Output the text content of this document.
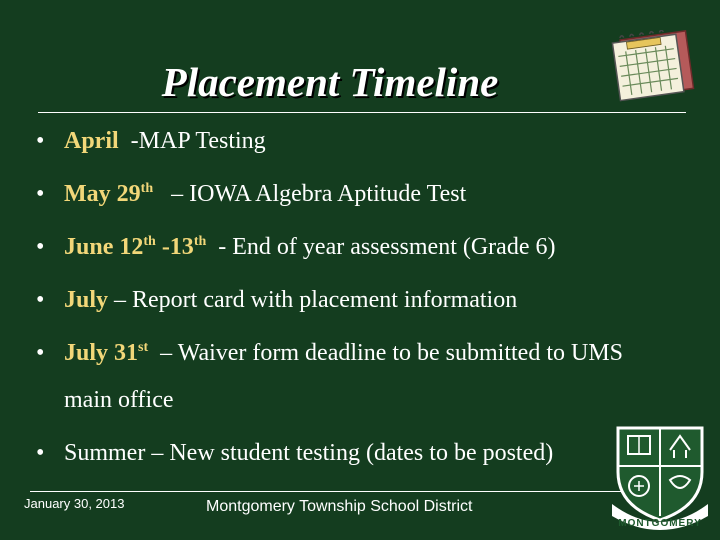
Placement Timeline
• April  -MAP Testing
• May 29th   – IOWA Algebra Aptitude Test
• June 12th -13th  - End of year assessment (Grade 6)
• July – Report card with placement information
• July 31st  – Waiver form deadline to be submitted to UMS
main office
• Summer – New student testing (dates to be posted)
January 30, 2013	Montgomery Township School District
MONTGOMERY
